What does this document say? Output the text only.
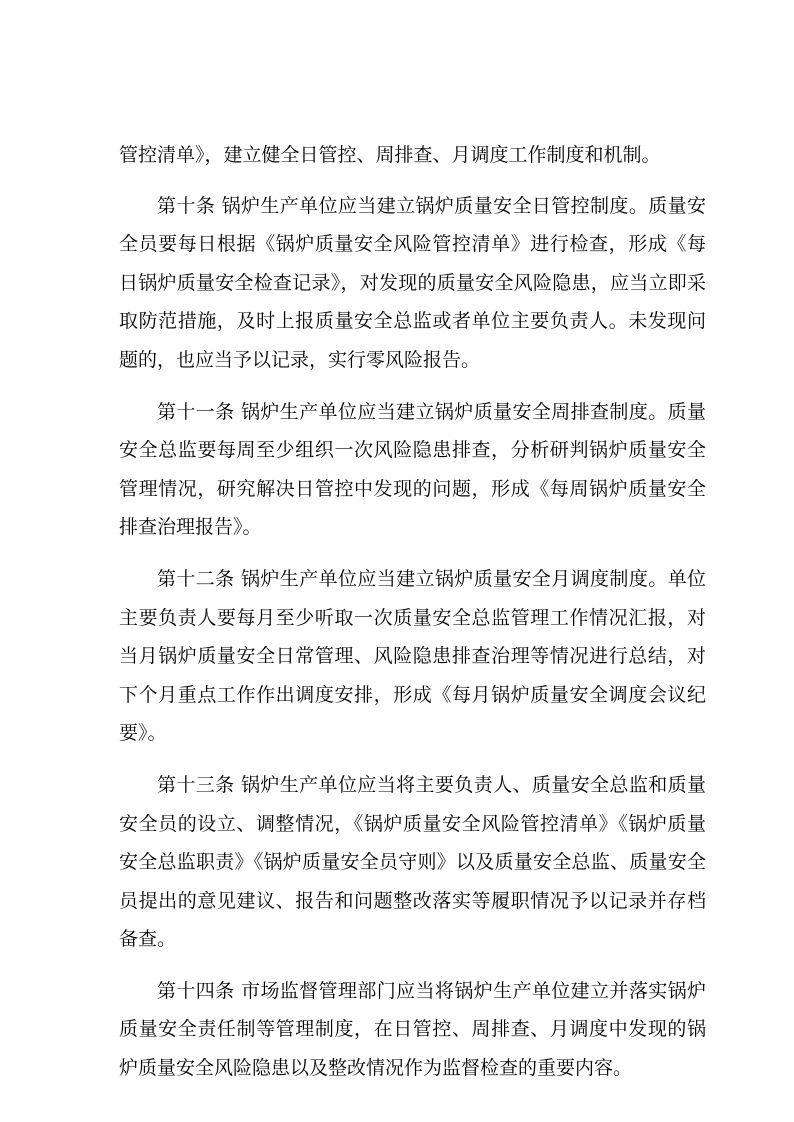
管控清单》，建立健全日管控、周排查、月调度工作制度和机制。

第十条 锅炉生产单位应当建立锅炉质量安全日管控制度。质量安全员要每日根据《锅炉质量安全风险管控清单》进行检查，形成《每日锅炉质量安全检查记录》，对发现的质量安全风险隐患，应当立即采取防范措施，及时上报质量安全总监或者单位主要负责人。未发现问题的，也应当予以记录，实行零风险报告。

第十一条 锅炉生产单位应当建立锅炉质量安全周排查制度。质量安全总监要每周至少组织一次风险隐患排查，分析研判锅炉质量安全管理情况，研究解决日管控中发现的问题，形成《每周锅炉质量安全排查治理报告》。

第十二条 锅炉生产单位应当建立锅炉质量安全月调度制度。单位主要负责人要每月至少听取一次质量安全总监管理工作情况汇报，对当月锅炉质量安全日常管理、风险隐患排查治理等情况进行总结，对下个月重点工作作出调度安排，形成《每月锅炉质量安全调度会议纪要》。

第十三条 锅炉生产单位应当将主要负责人、质量安全总监和质量安全员的设立、调整情况，《锅炉质量安全风险管控清单》《锅炉质量安全总监职责》《锅炉质量安全员守则》以及质量安全总监、质量安全员提出的意见建议、报告和问题整改落实等履职情况予以记录并存档备查。

第十四条 市场监督管理部门应当将锅炉生产单位建立并落实锅炉质量安全责任制等管理制度，在日管控、周排查、月调度中发现的锅炉质量安全风险隐患以及整改情况作为监督检查的重要内容。
